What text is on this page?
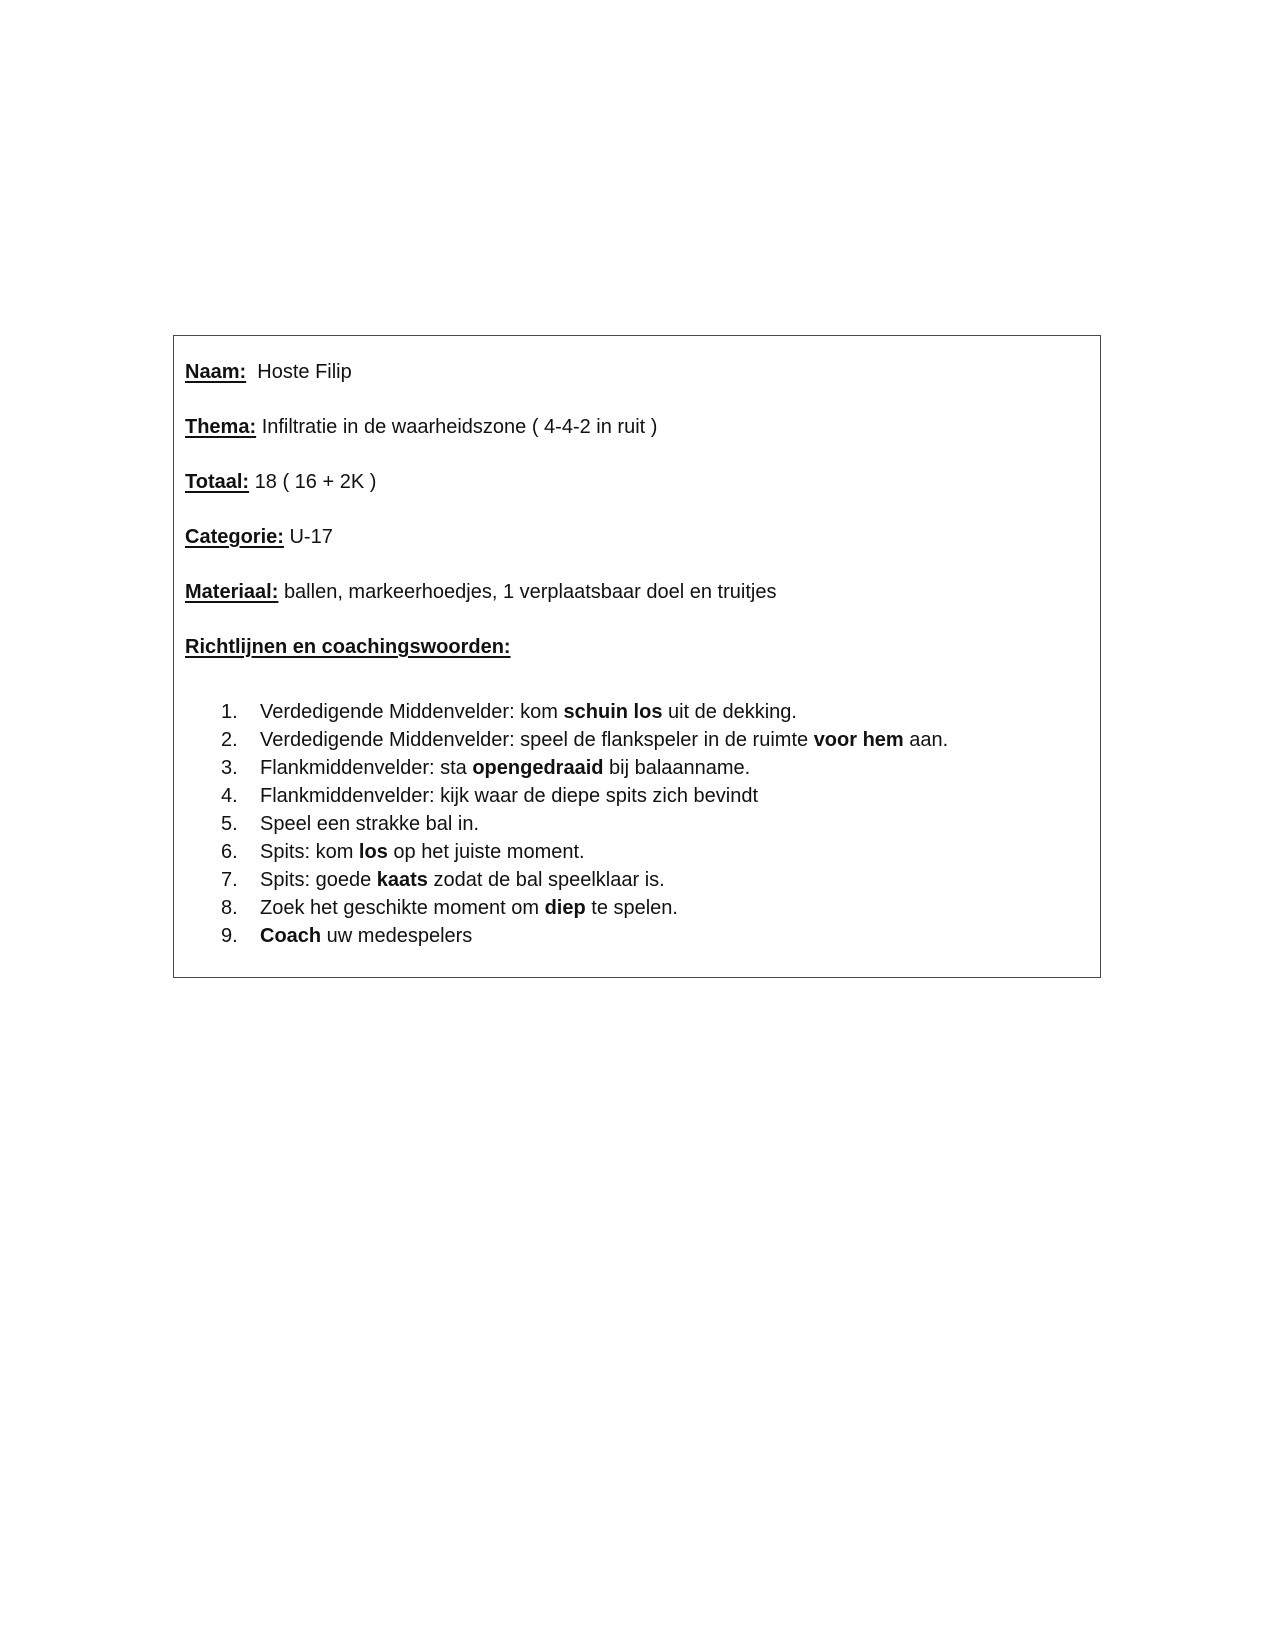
Naam: Hoste Filip
Thema: Infiltratie in de waarheidszone ( 4-4-2 in ruit )
Totaal: 18 ( 16 + 2K )
Categorie: U-17
Materiaal: ballen, markeerhoedjes, 1 verplaatsbaar doel en truitjes
Richtlijnen en coachingswoorden:
1. Verdedigende Middenvelder: kom schuin los uit de dekking.
2. Verdedigende Middenvelder: speel de flankspeler in de ruimte voor hem aan.
3. Flankmiddenvelder: sta opengedraaid bij balaanname.
4. Flankmiddenvelder: kijk waar de diepe spits zich bevindt
5. Speel een strakke bal in.
6. Spits: kom los op het juiste moment.
7. Spits: goede kaats zodat de bal speelklaar is.
8. Zoek het geschikte moment om diep te spelen.
9. Coach uw medespelers
